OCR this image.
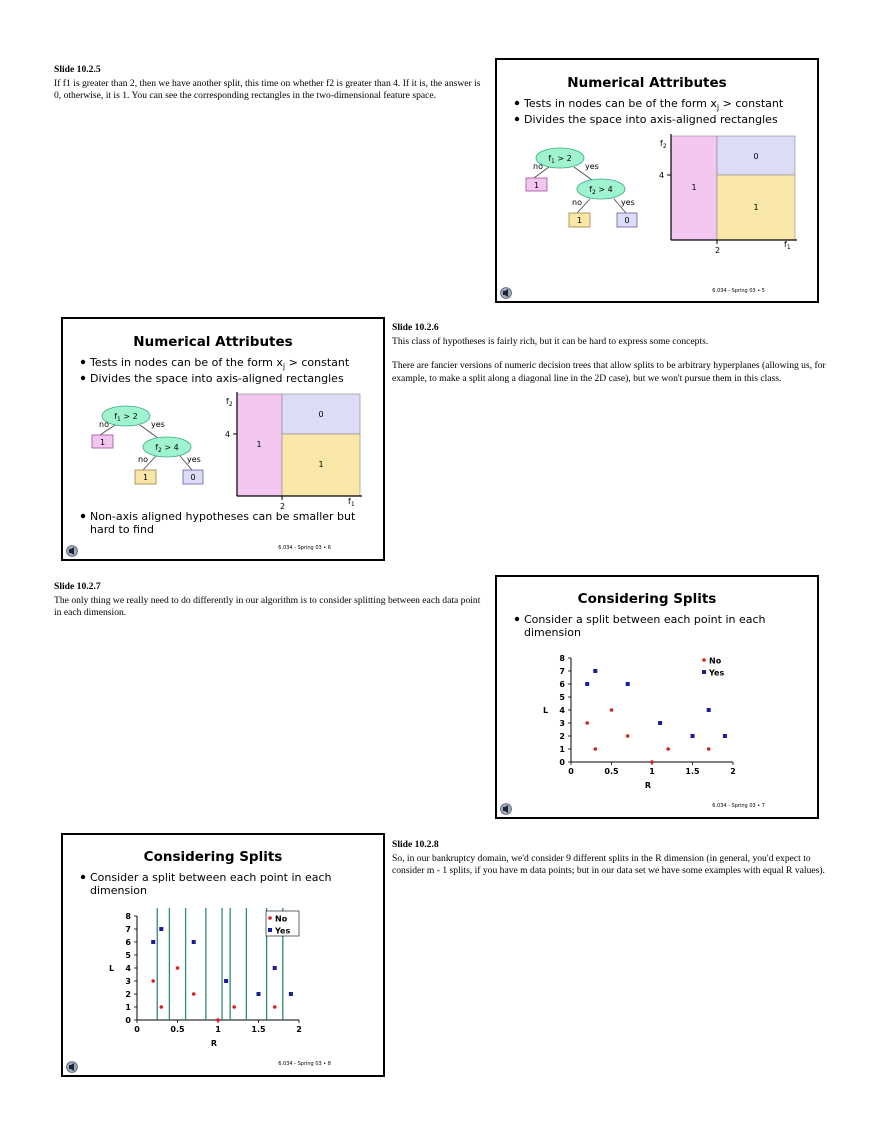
Slide 10.2.5

If f1 is greater than 2, then we have another split, this time on whether f2 is greater than 4. If it is, the answer is 0, otherwise, it is 1. You can see the corresponding rectangles in the two-dimensional feature space.

Slide 10.2.6

This class of hypotheses is fairly rich, but it can be hard to express some concepts.

There are fancier versions of numeric decision trees that allow splits to be arbitrary hyperplanes (allowing us, for example, to make a split along a diagonal line in the 2D case), but we won't pursue them in this class.

Slide 10.2.7

The only thing we really need to do differently in our algorithm is to consider splitting between each data point in each dimension.

Slide 10.2.8

So, in our bankruptcy domain, we'd consider 9 different splits in the R dimension (in general, you'd expect to consider m - 1 splits, if you have m data points; but in our data set we have some examples with equal R values).

Numerical Attributes
Tests in nodes can be of the form $x_j$ > constant
Divides the space into axis-aligned rectangles
$f_1 > 2$
$f_2 > 4$
no	yes
no	yes
1
1	0
$f_2$
4
2
$f_1$
1
0
1
6.034 - Spring 03 • 5
Numerical Attributes
Tests in nodes can be of the form $x_j$ > constant
Divides the space into axis-aligned rectangles
$f_1 > 2$
$f_2 > 4$
no	yes
no	yes
1
1	0
$f_2$
4
2
$f_1$
1
0
1
Non-axis aligned hypotheses can be smaller but
hard to find
6.034 - Spring 03 • 6
Considering Splits
Consider a split between each point in each
dimension
6.034 - Spring 03 • 7
0
1
2
3
4
5
6
7
8
0	0.5	1	1.5	2
R
L
No
Yes
Considering Splits
Consider a split between each point in each
dimension
6.034 - Spring 03 • 8
0
1
2
3
4
5
6
7
8
0	0.5	1	1.5	2
R
L
No
Yes
